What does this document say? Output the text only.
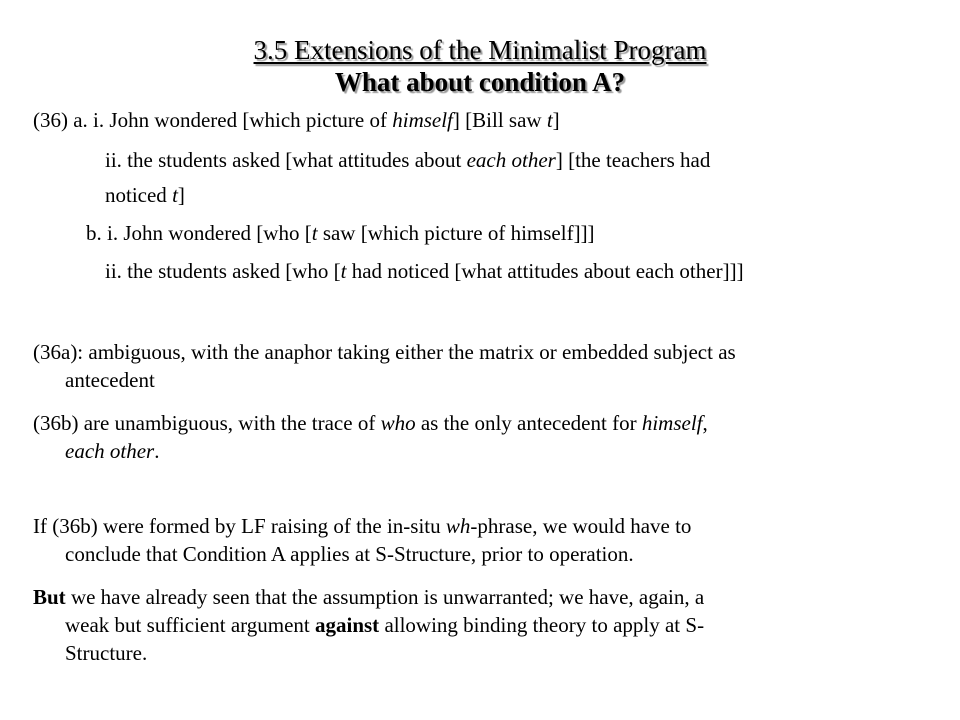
3.5 Extensions of the Minimalist Program
What about condition A?
(36) a. i. John wondered [which picture of himself] [Bill saw t]
ii. the students asked [what attitudes about each other] [the teachers had
noticed t]
b. i. John wondered [who [t saw [which picture of himself]]]
ii. the students asked [who [t had noticed [what attitudes about each other]]]
(36a): ambiguous, with the anaphor taking either the matrix or embedded subject as
antecedent
(36b) are unambiguous, with the trace of who as the only antecedent for himself,
each other.
If (36b) were formed by LF raising of the in-situ wh-phrase, we would have to
conclude that Condition A applies at S-Structure, prior to operation.
But we have already seen that the assumption is unwarranted; we have, again, a
weak but sufficient argument against allowing binding theory to apply at S-
Structure.
